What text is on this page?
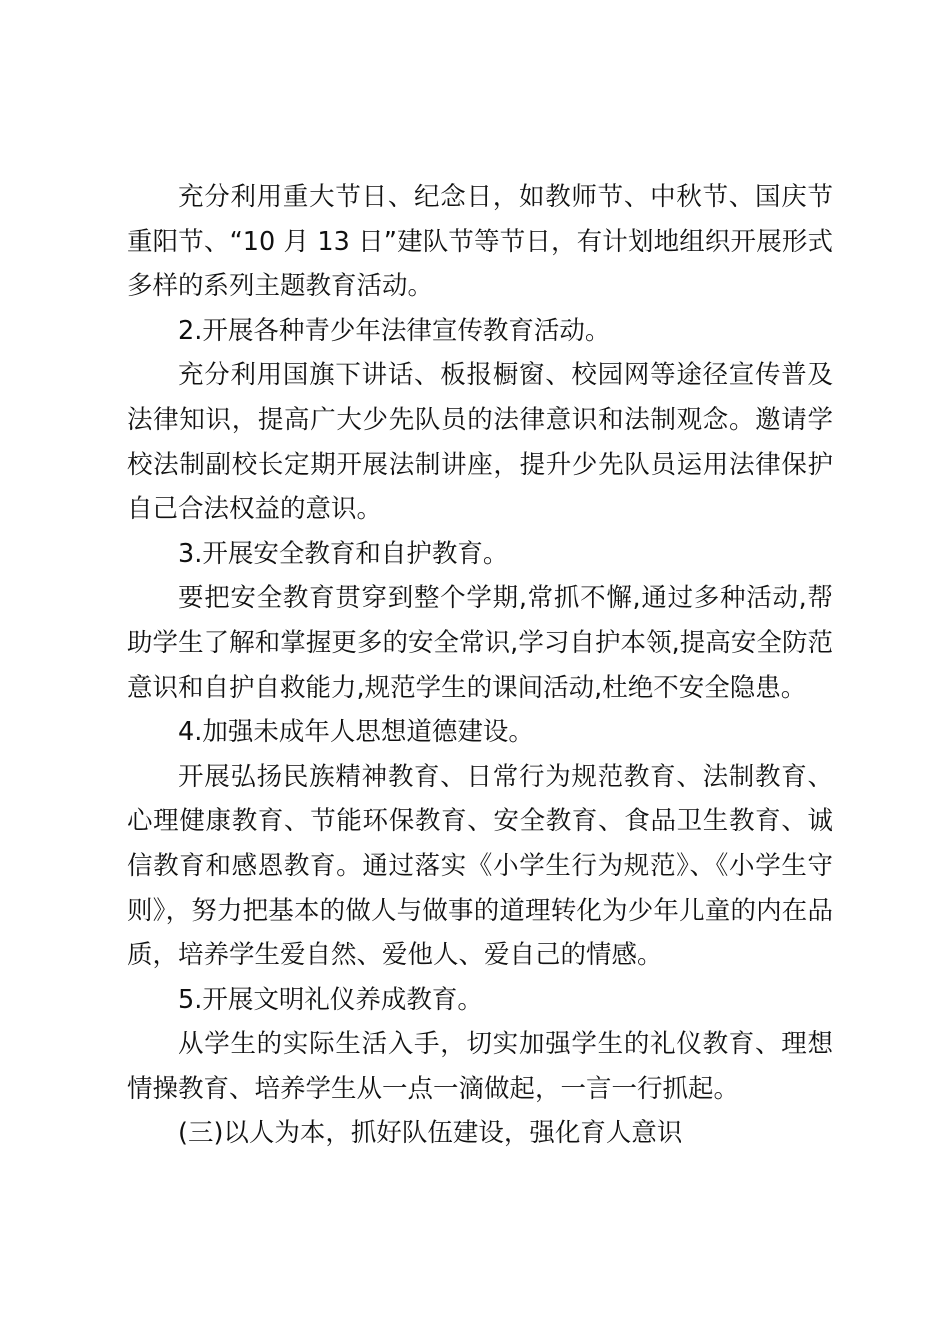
充分利用重大节日、纪念日，如教师节、中秋节、国庆节重阳节、“10 月 13 日”建队节等节日，有计划地组织开展形式多样的系列主题教育活动。

2.开展各种青少年法律宣传教育活动。

充分利用国旗下讲话、板报橱窗、校园网等途径宣传普及法律知识，提高广大少先队员的法律意识和法制观念。邀请学校法制副校长定期开展法制讲座，提升少先队员运用法律保护自己合法权益的意识。

3.开展安全教育和自护教育。

要把安全教育贯穿到整个学期,常抓不懈,通过多种活动,帮助学生了解和掌握更多的安全常识,学习自护本领,提高安全防范意识和自护自救能力,规范学生的课间活动,杜绝不安全隐患。

4.加强未成年人思想道德建设。

开展弘扬民族精神教育、日常行为规范教育、法制教育、心理健康教育、节能环保教育、安全教育、食品卫生教育、诚信教育和感恩教育。通过落实《小学生行为规范》、《小学生守则》，努力把基本的做人与做事的道理转化为少年儿童的内在品质，培养学生爱自然、爱他人、爱自己的情感。

5.开展文明礼仪养成教育。

从学生的实际生活入手，切实加强学生的礼仪教育、理想情操教育、培养学生从一点一滴做起，一言一行抓起。

(三)以人为本，抓好队伍建设，强化育人意识
